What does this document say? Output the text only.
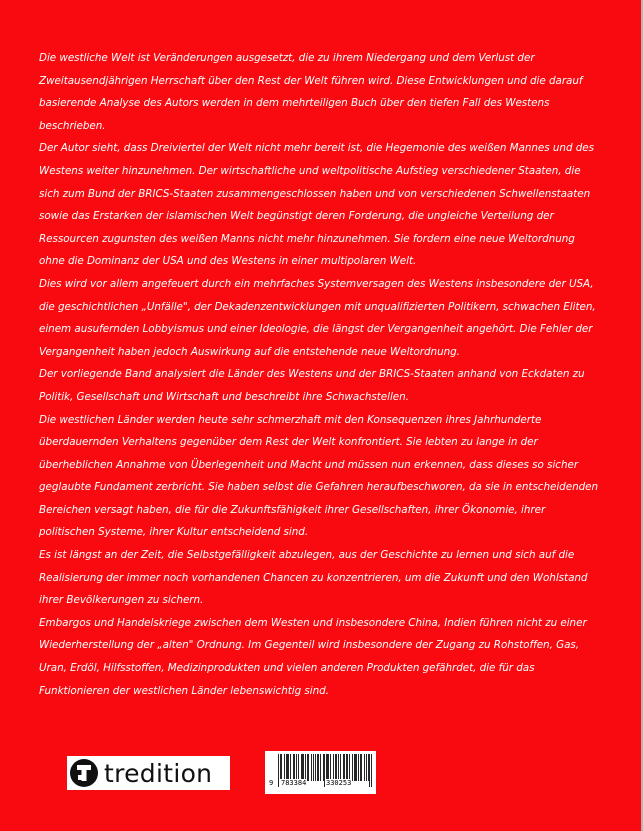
Die westliche Welt ist Veränderungen ausgesetzt, die zu ihrem Niedergang und dem Verlust der Zweitausendjährigen Herrschaft über den Rest der Welt führen wird. Diese Entwicklungen und die darauf basierende Analyse des Autors werden in dem mehrteiligen Buch über den tiefen Fall des Westens beschrieben.

Der Autor sieht, dass Dreiviertel der Welt nicht mehr bereit ist, die Hegemonie des weißen Mannes und des Westens weiter hinzunehmen. Der wirtschaftliche und weltpolitische Aufstieg verschiedener Staaten, die sich zum Bund der BRICS-Staaten zusammengeschlossen haben und von verschiedenen Schwellenstaaten sowie das Erstarken der islamischen Welt begünstigt deren Forderung, die ungleiche Verteilung der Ressourcen zugunsten des weißen Manns nicht mehr hinzunehmen. Sie fordern eine neue Weltordnung ohne die Dominanz der USA und des Westens in einer multipolaren Welt.

Dies wird vor allem angefeuert durch ein mehrfaches Systemversagen des Westens insbesondere der USA, die geschichtlichen „Unfälle", der Dekadenzentwicklungen mit unqualifizierten Politikern, schwachen Eliten, einem ausufernden Lobbyismus und einer Ideologie, die längst der Vergangenheit angehört. Die Fehler der Vergangenheit haben jedoch Auswirkung auf die entstehende neue Weltordnung.

Der vorliegende Band analysiert die Länder des Westens und der BRICS-Staaten anhand von Eckdaten zu Politik, Gesellschaft und Wirtschaft und beschreibt ihre Schwachstellen.

Die westlichen Länder werden heute sehr schmerzhaft mit den Konsequenzen ihres Jahrhunderte überdauernden Verhaltens gegenüber dem Rest der Welt konfrontiert. Sie lebten zu lange in der überheblichen Annahme von Überlegenheit und Macht und müssen nun erkennen, dass dieses so sicher geglaubte Fundament zerbricht. Sie haben selbst die Gefahren heraufbeschworen, da sie in entscheidenden Bereichen versagt haben, die für die Zukunftsfähigkeit ihrer Gesellschaften, ihrer Ökonomie, ihrer politischen Systeme, ihrer Kultur entscheidend sind.

Es ist längst an der Zeit, die Selbstgefälligkeit abzulegen, aus der Geschichte zu lernen und sich auf die Realisierung der immer noch vorhandenen Chancen zu konzentrieren, um die Zukunft und den Wohlstand ihrer Bevölkerungen zu sichern.

Embargos und Handelskriege zwischen dem Westen und insbesondere China, Indien führen nicht zu einer Wiederherstellung der „alten" Ordnung. Im Gegenteil wird insbesondere der Zugang zu Rohstoffen, Gas, Uran, Erdöl, Hilfsstoffen, Medizinprodukten und vielen anderen Produkten gefährdet, die für das Funktionieren der westlichen Länder lebenswichtig sind.

tredition	9 783384	330253
